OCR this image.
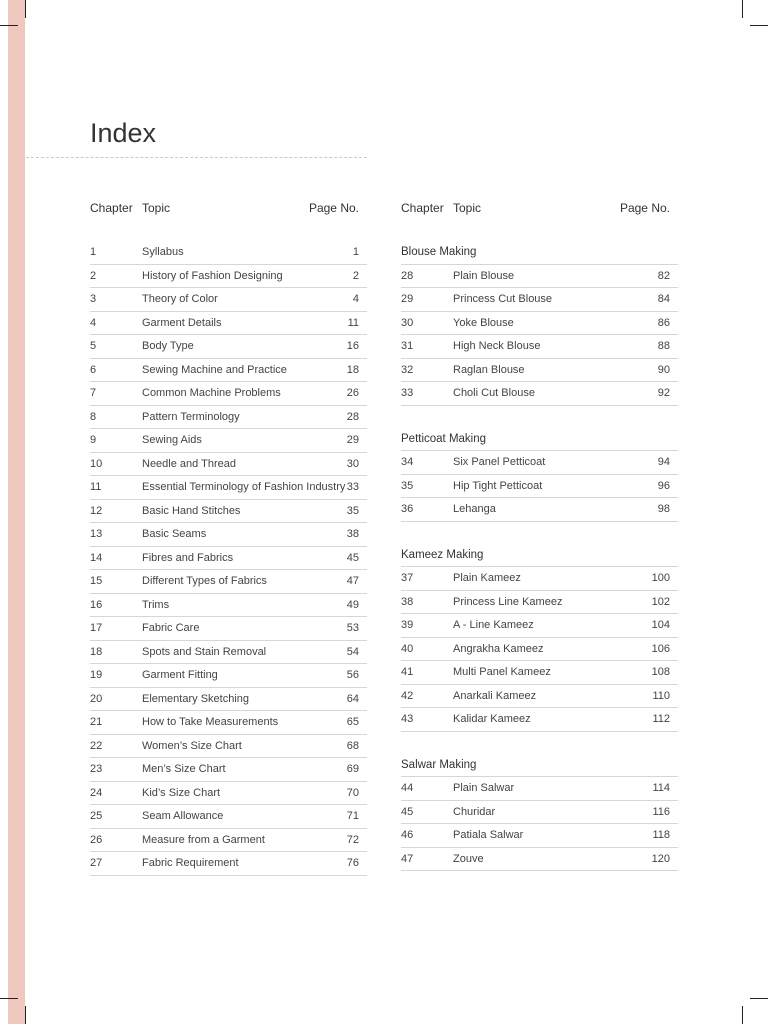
Index
Chapter Topic	Page No.
1	Syllabus	1
2	History of Fashion Designing	2
3	Theory of Color	4
4	Garment Details	11
5	Body Type	16
6	Sewing Machine and Practice	18
7	Common Machine Problems	26
8	Pattern Terminology	28
9	Sewing Aids	29
10	Needle and Thread	30
11	Essential Terminology of Fashion Industry 33
12	Basic Hand Stitches	35
13	Basic Seams	38
14	Fibres and Fabrics	45
15	Different Types of Fabrics	47
16	Trims	49
17	Fabric Care	53
18	Spots and Stain Removal	54
19	Garment Fitting	56
20	Elementary Sketching	64
21	How to Take Measurements	65
22	Women’s Size Chart	68
23	Men’s Size Chart	69
24	Kid’s Size Chart	70
25	Seam Allowance	71
26	Measure from a Garment	72
27	Fabric Requirement	76
Chapter Topic	Page No.
Blouse Making
28	Plain Blouse	82
29	Princess Cut Blouse	84
30	Yoke Blouse	86
31	High Neck Blouse	88
32	Raglan Blouse	90
33	Choli Cut Blouse	92
Petticoat Making
34	Six Panel Petticoat	94
35	Hip Tight Petticoat	96
36	Lehanga	98
Kameez Making
37	Plain Kameez	100
38	Princess Line Kameez	102
39	A - Line Kameez	104
40	Angrakha Kameez	106
41	Multi Panel Kameez	108
42	Anarkali Kameez	110
43	Kalidar Kameez	112
Salwar Making
44	Plain Salwar	114
45	Churidar	116
46	Patiala Salwar	118
47	Zouve	120
